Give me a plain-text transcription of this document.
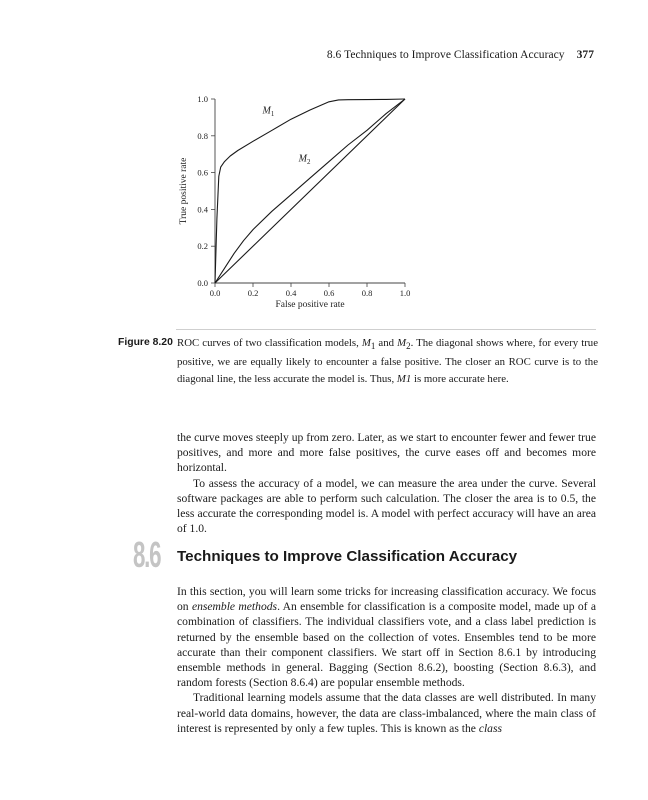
8.6 Techniques to Improve Classification Accuracy 377
0.0	0.2	0.4	0.6	0.8	1.0
0.0
0.2
0.4
0.6
0.8
1.0
False positive rate
True positive rate
$M_1$
$M_2$
Figure 8.20 ROC curves of two classification models, $M_1$ and $M_2$. The diagonal shows where, for every true positive, we are equally likely to encounter a false positive. The closer an ROC curve is to the diagonal line, the less accurate the model is. Thus, M1 is more accurate here.

the curve moves steeply up from zero. Later, as we start to encounter fewer and fewer true positives, and more and more false positives, the curve eases off and becomes more horizontal.

To assess the accuracy of a model, we can measure the area under the curve. Several software packages are able to perform such calculation. The closer the area is to 0.5, the less accurate the corresponding model is. A model with perfect accuracy will have an area of 1.0.

8.6 Techniques to Improve Classification Accuracy

In this section, you will learn some tricks for increasing classification accuracy. We focus on ensemble methods. An ensemble for classification is a composite model, made up of a combination of classifiers. The individual classifiers vote, and a class label prediction is returned by the ensemble based on the collection of votes. Ensembles tend to be more accurate than their component classifiers. We start off in Section 8.6.1 by introducing ensemble methods in general. Bagging (Section 8.6.2), boosting (Section 8.6.3), and random forests (Section 8.6.4) are popular ensemble methods.

Traditional learning models assume that the data classes are well distributed. In many real-world data domains, however, the data are class-imbalanced, where the main class of interest is represented by only a few tuples. This is known as the class
